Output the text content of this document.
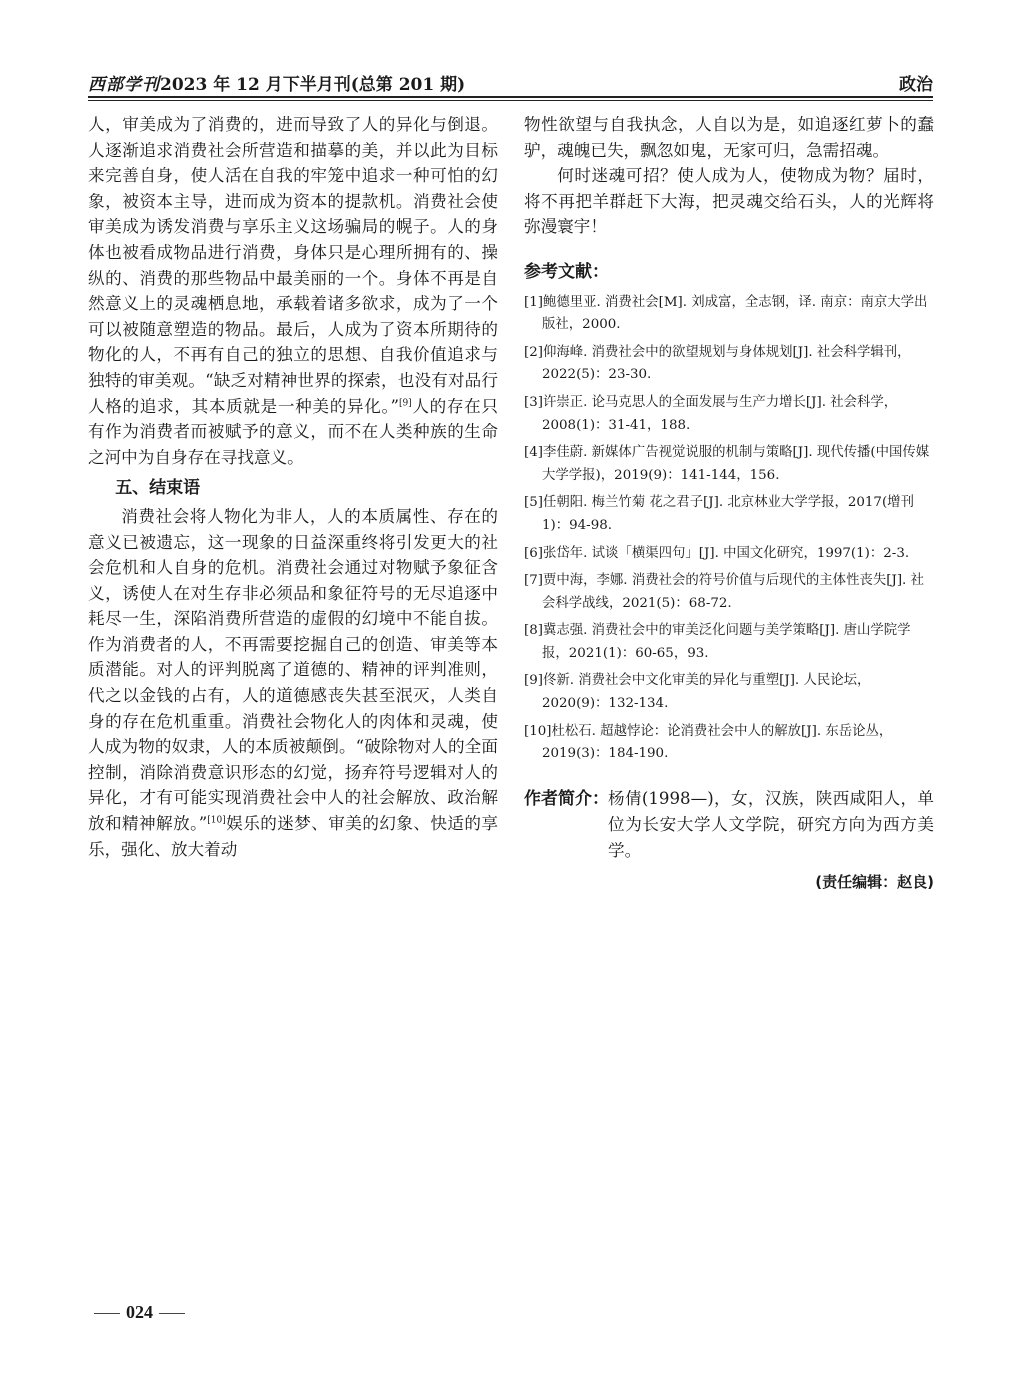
西部学刊2023 年 12 月下半月刊(总第 201 期)	政治

人，审美成为了消费的，进而导致了人的异化与倒退。人逐渐追求消费社会所营造和描摹的美，并以此为目标来完善自身，使人活在自我的牢笼中追求一种可怕的幻象，被资本主导，进而成为资本的提款机。消费社会使审美成为诱发消费与享乐主义这场骗局的幌子。人的身体也被看成物品进行消费，身体只是心理所拥有的、操纵的、消费的那些物品中最美丽的一个。身体不再是自然意义上的灵魂栖息地，承载着诸多欲求，成为了一个可以被随意塑造的物品。最后，人成为了资本所期待的物化的人，不再有自己的独立的思想、自我价值追求与独特的审美观。“缺乏对精神世界的探索，也没有对品行人格的追求，其本质就是一种美的异化。”[9]人的存在只有作为消费者而被赋予的意义，而不在人类种族的生命之河中为自身存在寻找意义。

五、结束语

消费社会将人物化为非人，人的本质属性、存在的意义已被遗忘，这一现象的日益深重终将引发更大的社会危机和人自身的危机。消费社会通过对物赋予象征含义，诱使人在对生存非必须品和象征符号的无尽追逐中耗尽一生，深陷消费所营造的虚假的幻境中不能自拔。作为消费者的人，不再需要挖掘自己的创造、审美等本质潜能。对人的评判脱离了道德的、精神的评判准则，代之以金钱的占有，人的道德感丧失甚至泯灭，人类自身的存在危机重重。消费社会物化人的肉体和灵魂，使人成为物的奴隶，人的本质被颠倒。“破除物对人的全面控制，消除消费意识形态的幻觉，扬弃符号逻辑对人的异化，才有可能实现消费社会中人的社会解放、政治解放和精神解放。”[10]娱乐的迷梦、审美的幻象、快适的享乐，强化、放大着动

物性欲望与自我执念，人自以为是，如追逐红萝卜的蠢驴，魂魄已失，飘忽如鬼，无家可归，急需招魂。

何时迷魂可招？使人成为人，使物成为物？届时，将不再把羊群赶下大海，把灵魂交给石头，人的光辉将弥漫寰宇！

参考文献：
[1]鲍德里亚. 消费社会[M]. 刘成富，全志钢，译. 南京：南京大学出版社，2000.
[2]仰海峰. 消费社会中的欲望规划与身体规划[J]. 社会科学辑刊，2022(5)：23-30.
[3]许崇正. 论马克思人的全面发展与生产力增长[J]. 社会科学，2008(1)：31-41，188.
[4]李佳蔚. 新媒体广告视觉说服的机制与策略[J]. 现代传播(中国传媒大学学报)，2019(9)：141-144，156.
[5]任朝阳. 梅兰竹菊 花之君子[J]. 北京林业大学学报，2017(增刊1)：94-98.
[6]张岱年. 试谈「横渠四句」[J]. 中国文化研究，1997(1)：2-3.
[7]贾中海，李娜. 消费社会的符号价值与后现代的主体性丧失[J]. 社会科学战线，2021(5)：68-72.
[8]冀志强. 消费社会中的审美泛化问题与美学策略[J]. 唐山学院学报，2021(1)：60-65，93.
[9]佟新. 消费社会中文化审美的异化与重塑[J]. 人民论坛，2020(9)：132-134.
[10]杜松石. 超越悖论：论消费社会中人的解放[J]. 东岳论丛，2019(3)：184-190.
作者简介： 杨倩(1998—)，女，汉族，陕西咸阳人，单位为长安大学人文学院，研究方向为西方美学。
(责任编辑：赵良)
024
